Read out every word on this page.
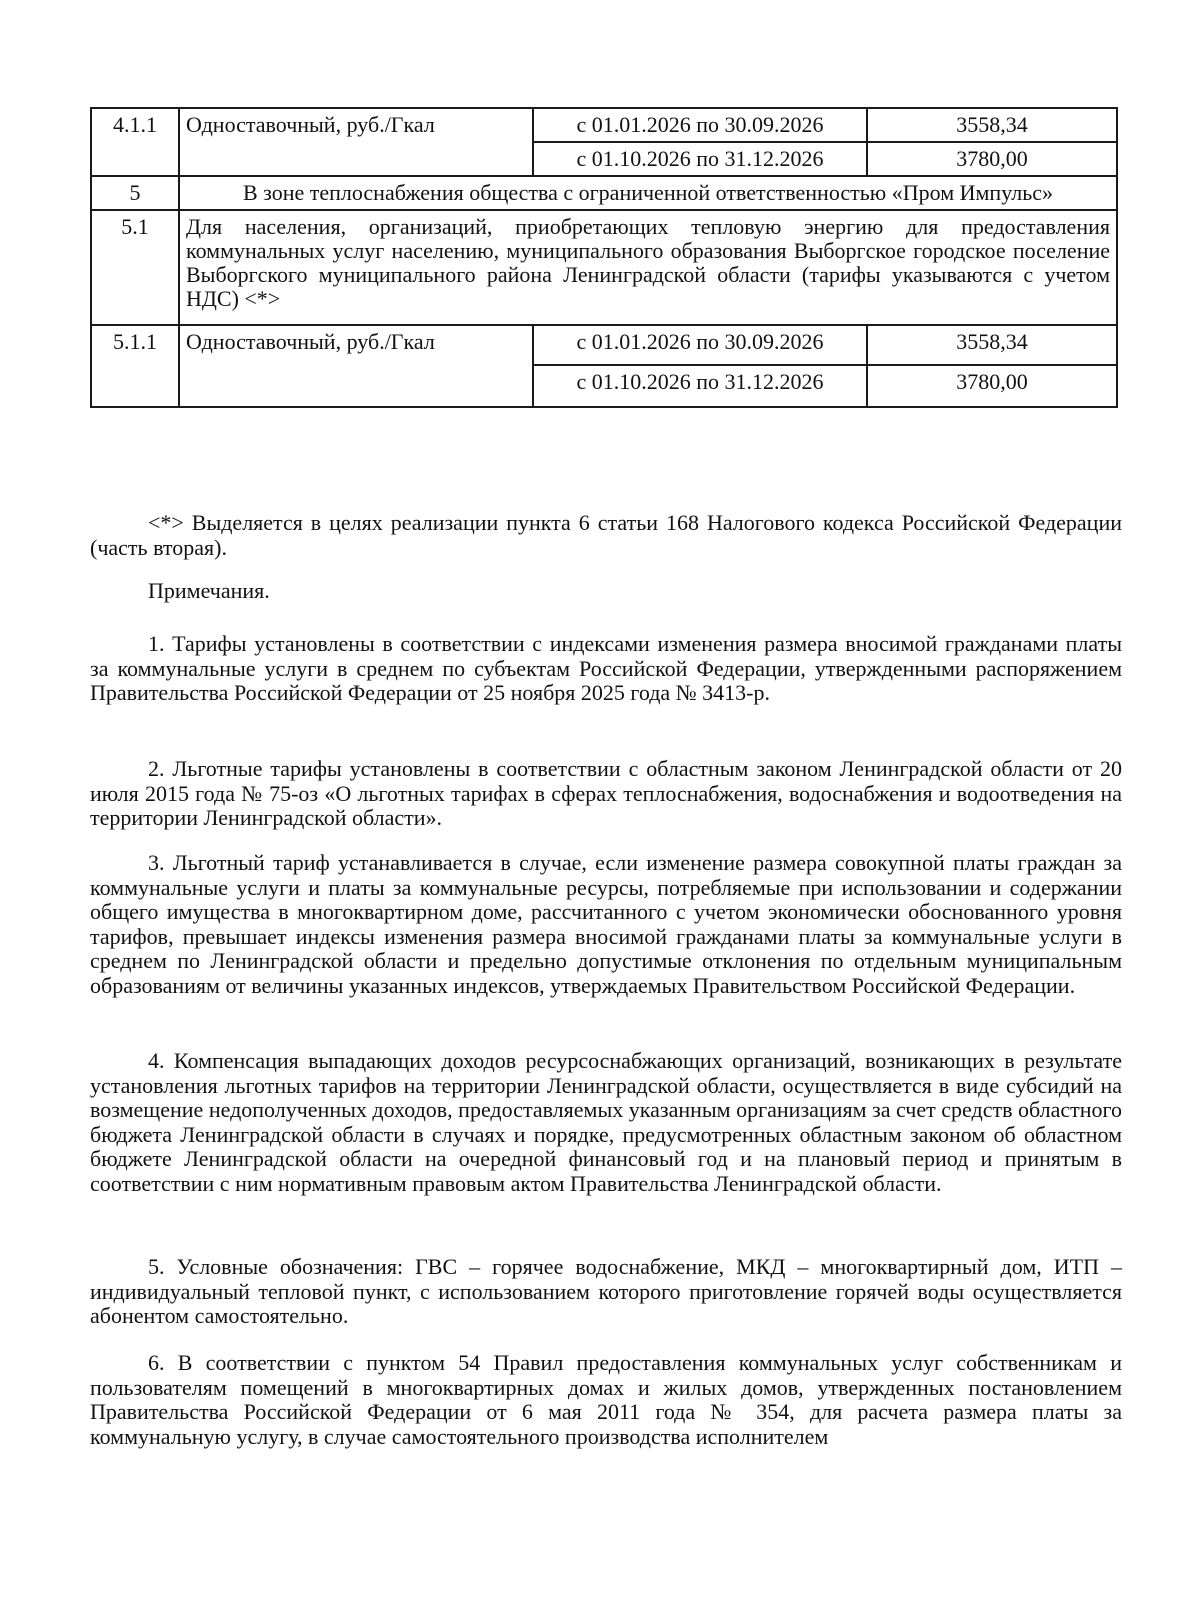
4.1.1	Одноставочный, руб./Гкал	с 01.01.2026 по 30.09.2026	3558,34
		с 01.10.2026 по 31.12.2026	3780,00
5	В зоне теплоснабжения общества с ограниченной ответственностью «Пром Импульс»		
5.1	Для населения, организаций, приобретающих тепловую энергию для предоставления коммунальных услуг населению, муниципального образования Выборгское городское поселение Выборгского муниципального района Ленинградской области (тарифы указываются с учетом НДС) <*>		
5.1.1	Одноставочный, руб./Гкал	с 01.01.2026 по 30.09.2026	3558,34
		с 01.10.2026 по 31.12.2026	3780,00

<*> Выделяется в целях реализации пункта 6 статьи 168 Налогового кодекса Российской Федерации (часть вторая).

Примечания.

1. Тарифы установлены в соответствии с индексами изменения размера вносимой гражданами платы за коммунальные услуги в среднем по субъектам Российской Федерации, утвержденными распоряжением Правительства Российской Федерации от 25 ноября 2025 года № 3413-р.

2. Льготные тарифы установлены в соответствии с областным законом Ленинградской области от 20 июля 2015 года № 75-оз «О льготных тарифах в сферах теплоснабжения, водоснабжения и водоотведения на территории Ленинградской области».

3. Льготный тариф устанавливается в случае, если изменение размера совокупной платы граждан за коммунальные услуги и платы за коммунальные ресурсы, потребляемые при использовании и содержании общего имущества в многоквартирном доме, рассчитанного с учетом экономически обоснованного уровня тарифов, превышает индексы изменения размера вносимой гражданами платы за коммунальные услуги в среднем по Ленинградской области и предельно допустимые отклонения по отдельным муниципальным образованиям от величины указанных индексов, утверждаемых Правительством Российской Федерации.

4. Компенсация выпадающих доходов ресурсоснабжающих организаций, возникающих в результате установления льготных тарифов на территории Ленинградской области, осуществляется в виде субсидий на возмещение недополученных доходов, предоставляемых указанным организациям за счет средств областного бюджета Ленинградской области в случаях и порядке, предусмотренных областным законом об областном бюджете Ленинградской области на очередной финансовый год и на плановый период и принятым в соответствии с ним нормативным правовым актом Правительства Ленинградской области.

5. Условные обозначения: ГВС – горячее водоснабжение, МКД – многоквартирный дом, ИТП – индивидуальный тепловой пункт, с использованием которого приготовление горячей воды осуществляется абонентом самостоятельно.

6. В соответствии с пунктом 54 Правил предоставления коммунальных услуг собственникам и пользователям помещений в многоквартирных домах и жилых домов, утвержденных постановлением Правительства Российской Федерации от 6 мая 2011 года № 354, для расчета размера платы за коммунальную услугу, в случае самостоятельного производства исполнителем
